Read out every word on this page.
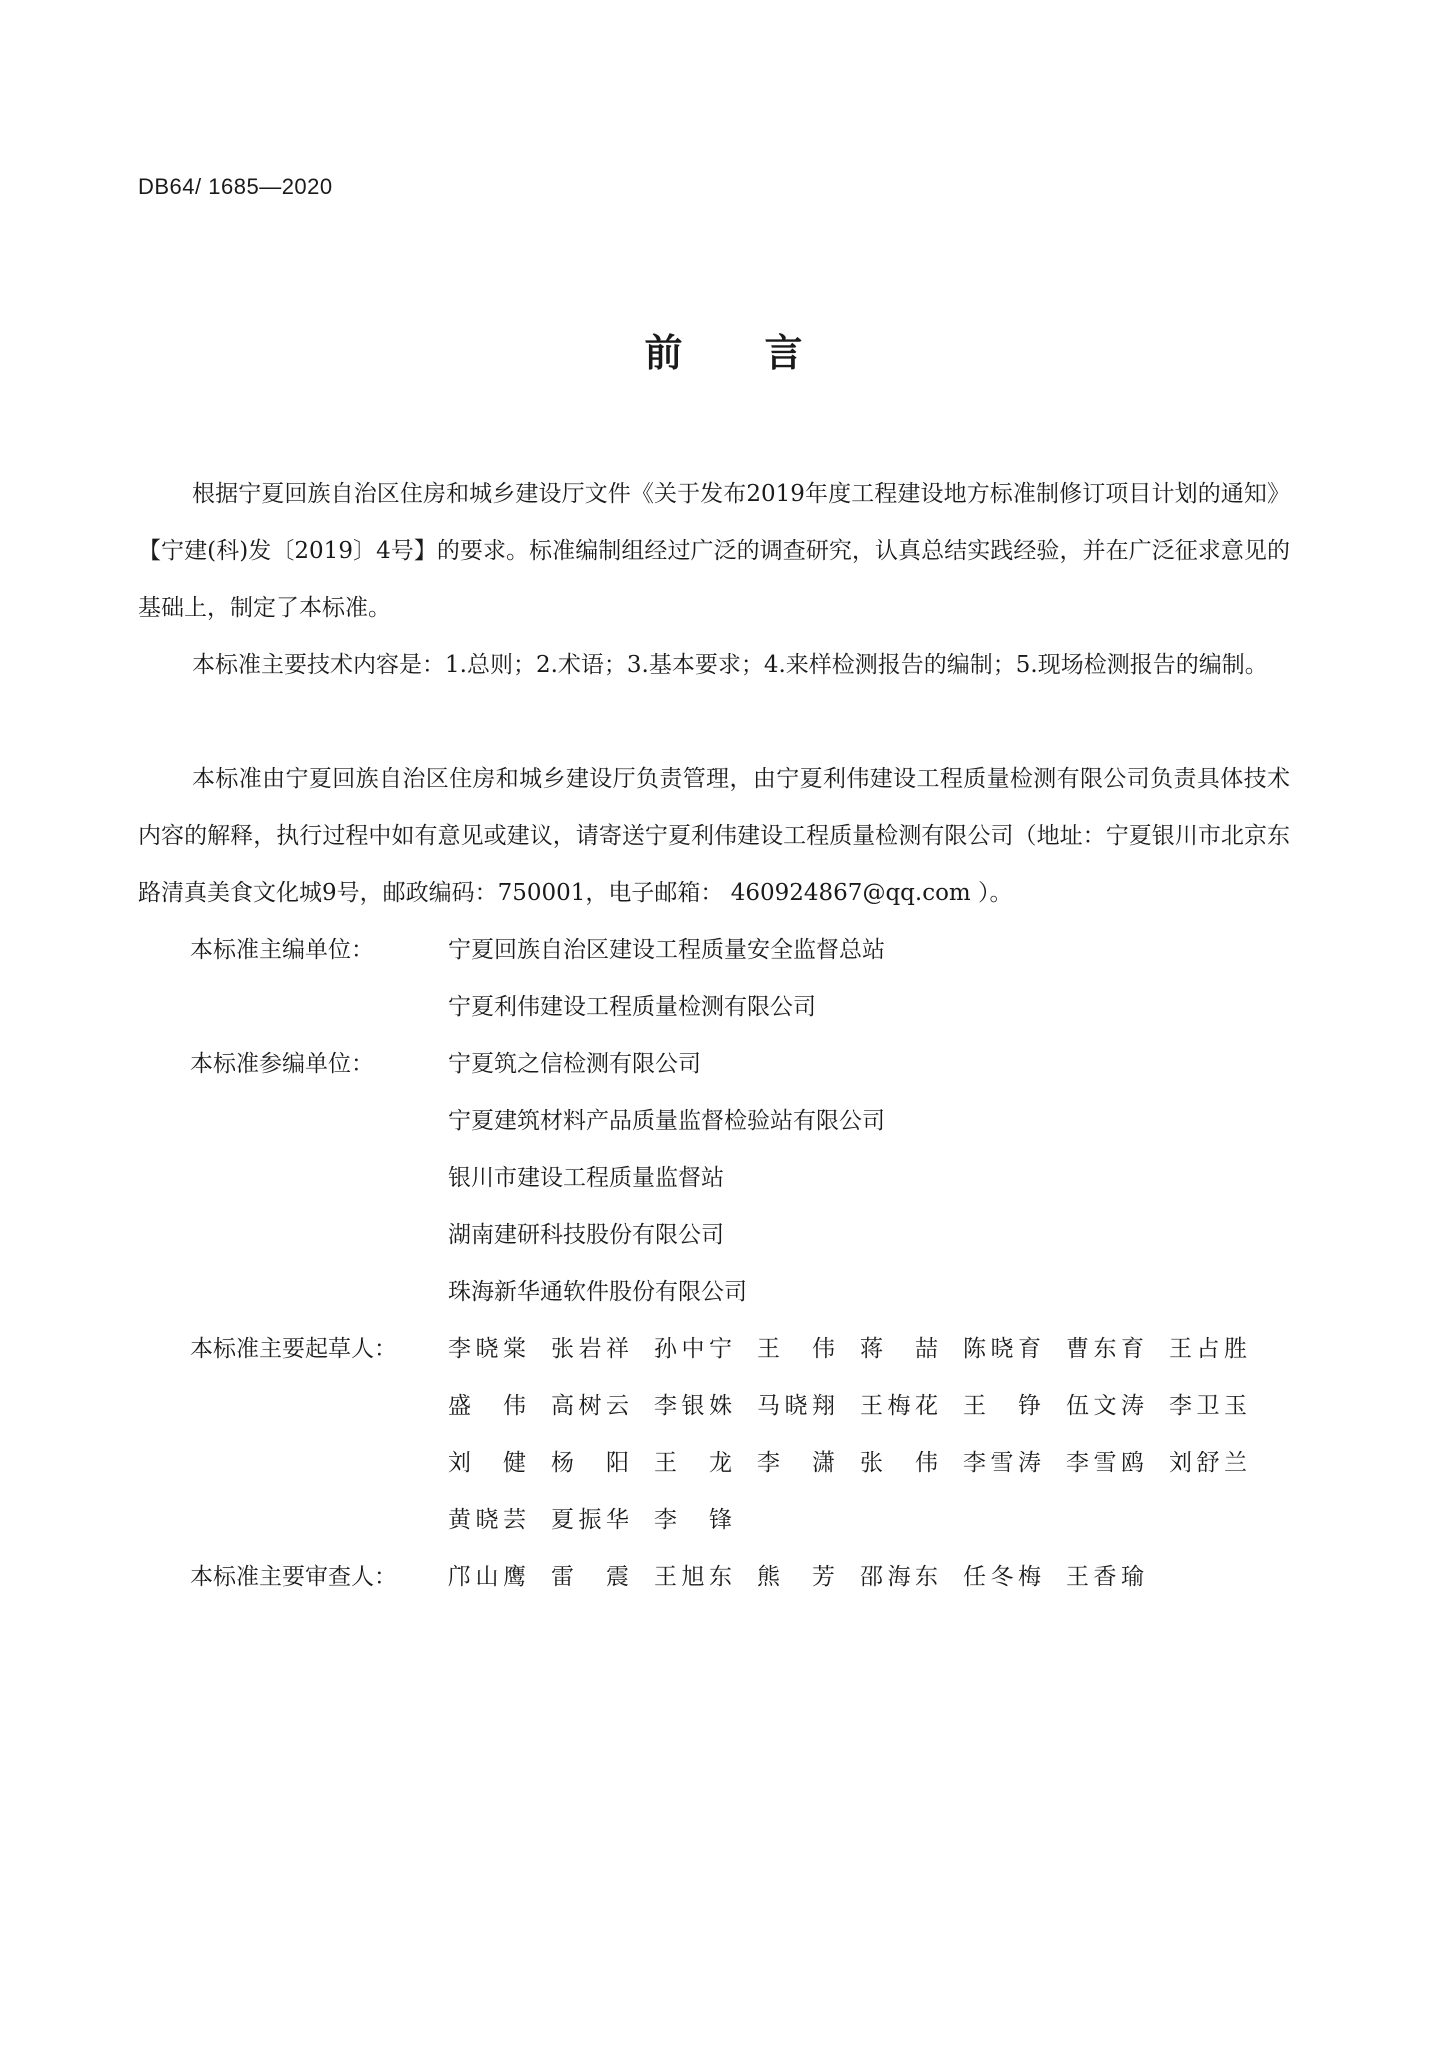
DB64/ 1685—2020
前 言

根据宁夏回族自治区住房和城乡建设厅文件《关于发布2019年度工程建设地方标准制修订项目计划的通知》【宁建(科)发〔2019〕4号】的要求。标准编制组经过广泛的调查研究，认真总结实践经验，并在广泛征求意见的基础上，制定了本标准。

本标准主要技术内容是：1.总则；2.术语；3.基本要求；4.来样检测报告的编制；5.现场检测报告的编制。

本标准由宁夏回族自治区住房和城乡建设厅负责管理，由宁夏利伟建设工程质量检测有限公司负责具体技术内容的解释，执行过程中如有意见或建议，请寄送宁夏利伟建设工程质量检测有限公司（地址：宁夏银川市北京东路清真美食文化城9号，邮政编码：750001，电子邮箱： 460924867@qq.com ）。

本标准主编单位：	宁夏回族自治区建设工程质量安全监督总站
宁夏利伟建设工程质量检测有限公司
本标准参编单位：	宁夏筑之信检测有限公司
宁夏建筑材料产品质量监督检验站有限公司
银川市建设工程质量监督站
湖南建研科技股份有限公司
珠海新华通软件股份有限公司
本标准主要起草人：	李晓棠	张岩祥	孙中宁	王 伟	蒋 喆	陈晓育	曹东育	王占胜
盛 伟	高树云	李银姝	马晓翔	王梅花	王 铮	伍文涛	李卫玉
刘 健	杨 阳	王 龙	李 潇	张 伟	李雪涛	李雪鸥	刘舒兰
黄晓芸	夏振华	李 锋
本标准主要审查人：	邝山鹰	雷 震	王旭东	熊 芳	邵海东	任冬梅	王香瑜
